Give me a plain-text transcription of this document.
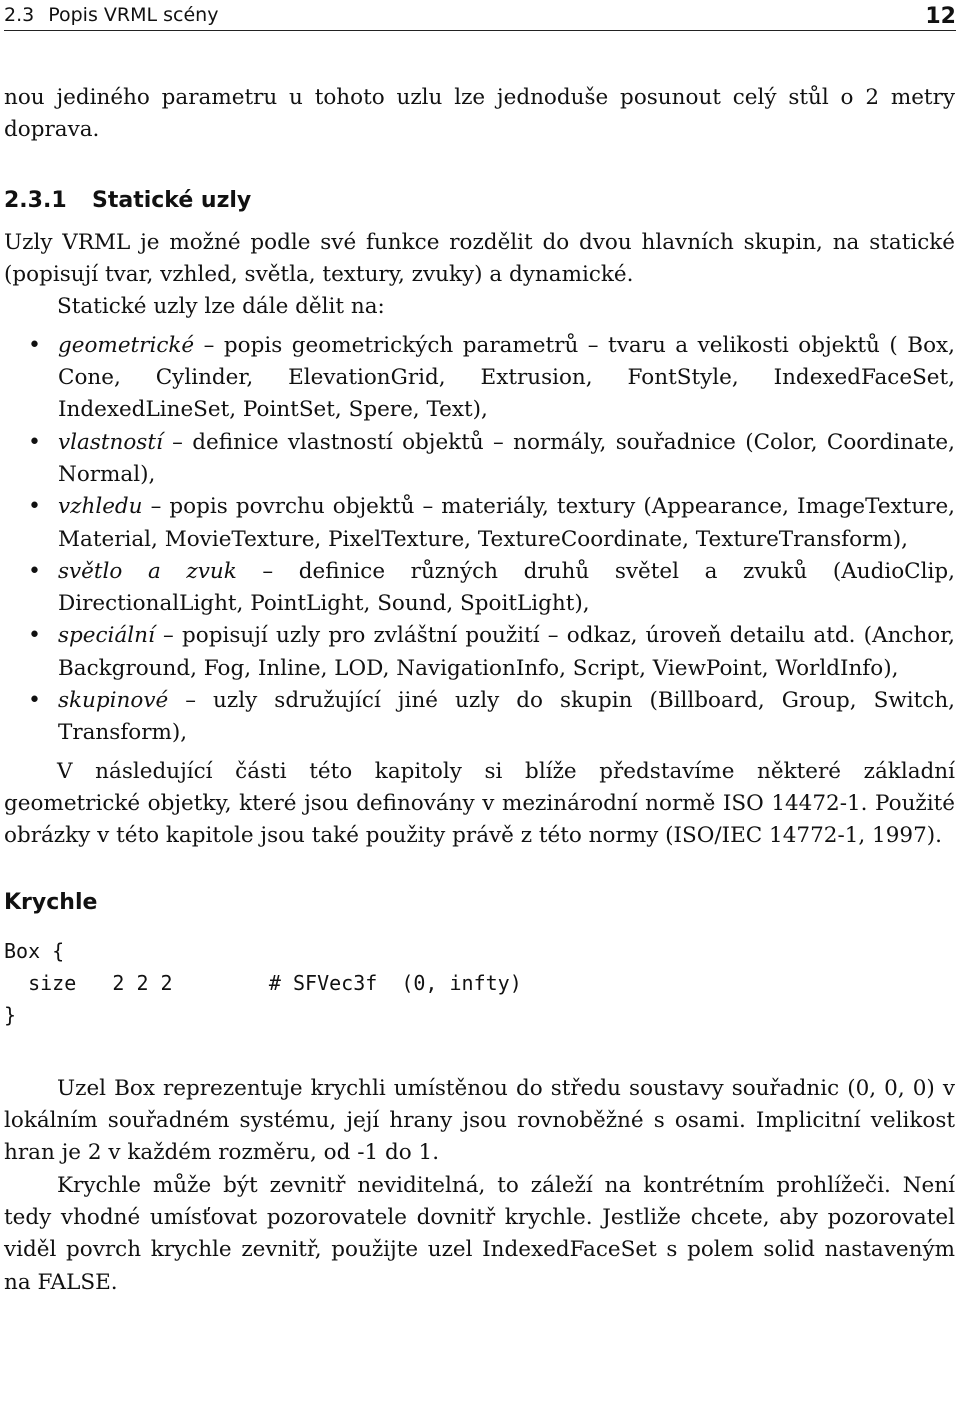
2.3 Popis VRML scény	12

nou jediného parametru u tohoto uzlu lze jednoduše posunout celý stůl o 2 metry doprava.

2.3.1	Statické uzly

Uzly VRML je možné podle své funkce rozdělit do dvou hlavních skupin, na statické (popisují tvar, vzhled, světla, textury, zvuky) a dynamické.

Statické uzly lze dále dělit na:

• geometrické – popis geometrických parametrů – tvaru a velikosti objektů ( Box, Cone, Cylinder, ElevationGrid, Extrusion, FontStyle, IndexedFaceSet, IndexedLineSet, PointSet, Spere, Text),
• vlastností – definice vlastností objektů – normály, souřadnice (Color, Coordinate, Normal),
• vzhledu – popis povrchu objektů – materiály, textury (Appearance, ImageTexture, Material, MovieTexture, PixelTexture, TextureCoordinate, TextureTransform),
• světlo a zvuk – definice různých druhů světel a zvuků (AudioClip, DirectionalLight, PointLight, Sound, SpoitLight),
• speciální – popisují uzly pro zvláštní použití – odkaz, úroveň detailu atd. (Anchor, Background, Fog, Inline, LOD, NavigationInfo, Script, ViewPoint, WorldInfo),
• skupinové – uzly sdružující jiné uzly do skupin (Billboard, Group, Switch, Transform),

V následující části této kapitoly si blíže představíme některé základní geometrické objetky, které jsou definovány v mezinárodní normě ISO 14472-1. Použité obrázky v této kapitole jsou také použity právě z této normy (ISO/IEC 14772-1, 1997).

Krychle
Box {
size   2 2 2        # SFVec3f  (0, infty)
}

Uzel Box reprezentuje krychli umístěnou do středu soustavy souřadnic (0, 0, 0) v lokálním souřadném systému, její hrany jsou rovnoběžné s osami. Implicitní velikost hran je 2 v každém rozměru, od -1 do 1.

Krychle může být zevnitř neviditelná, to záleží na kontrétním prohlížeči. Není tedy vhodné umísťovat pozorovatele dovnitř krychle. Jestliže chcete, aby pozorovatel viděl povrch krychle zevnitř, použijte uzel IndexedFaceSet s polem solid nastaveným na FALSE.
